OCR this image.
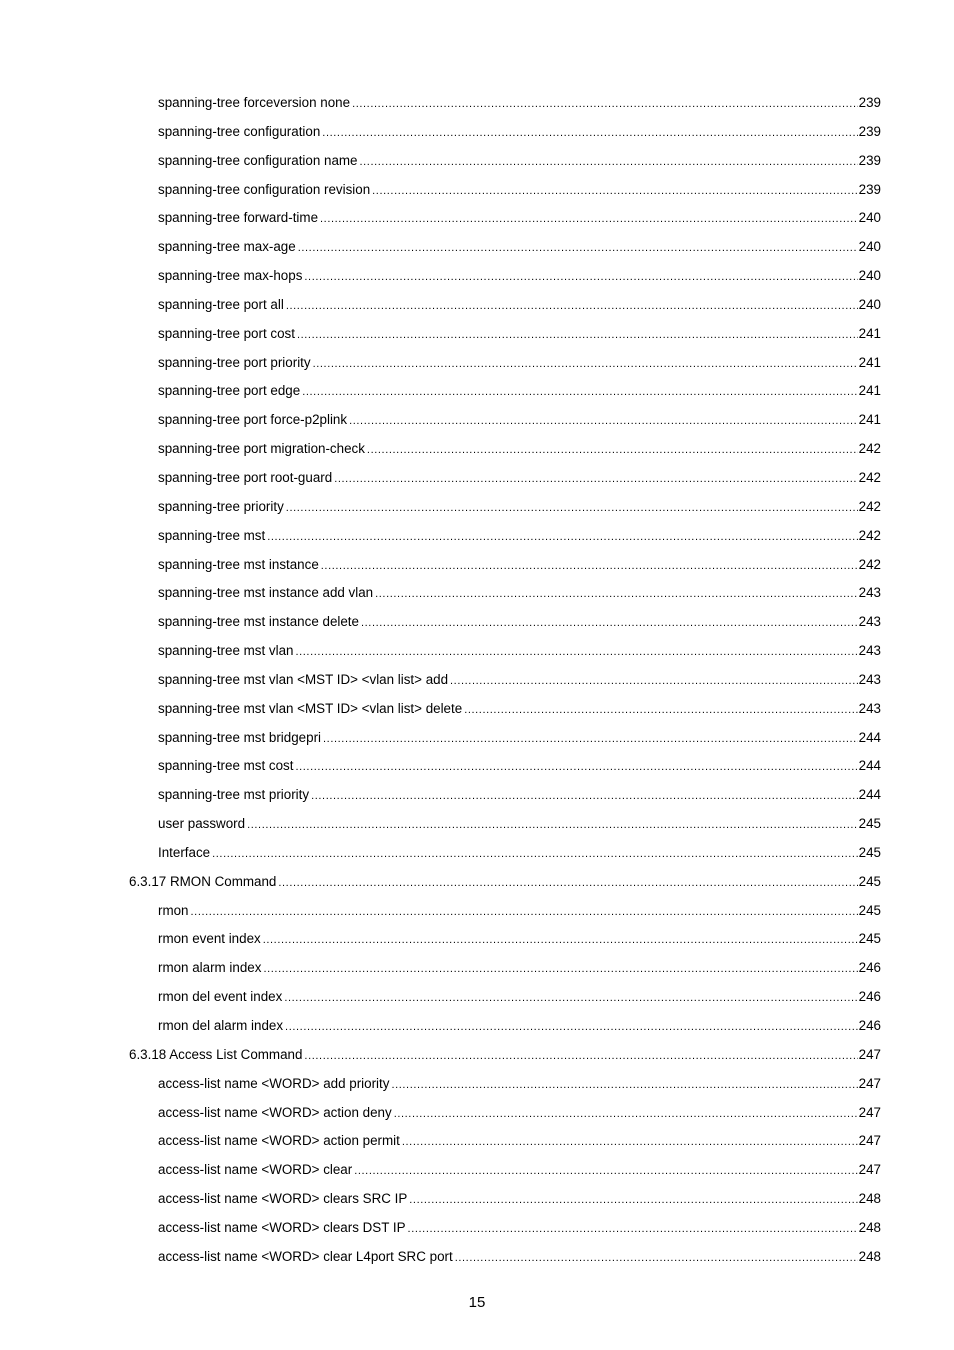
spanning-tree forceversion none .....	239
spanning-tree configuration .....	239
spanning-tree configuration name .....	239
spanning-tree configuration revision .....	239
spanning-tree forward-time .....	240
spanning-tree max-age .....	240
spanning-tree max-hops .....	240
spanning-tree port all .....	240
spanning-tree port cost .....	241
spanning-tree port priority .....	241
spanning-tree port edge .....	241
spanning-tree port force-p2plink .....	241
spanning-tree port migration-check .....	242
spanning-tree port root-guard .....	242
spanning-tree priority .....	242
spanning-tree mst .....	242
spanning-tree mst instance .....	242
spanning-tree mst instance add vlan .....	243
spanning-tree mst instance delete .....	243
spanning-tree mst vlan .....	243
spanning-tree mst vlan <MST ID> <vlan list> add .....	243
spanning-tree mst vlan <MST ID> <vlan list> delete .....	243
spanning-tree mst bridgepri .....	244
spanning-tree mst cost .....	244
spanning-tree mst priority .....	244
user password .....	245
Interface .....	245
6.3.17 RMON Command .....	245
rmon .....	245
rmon event index .....	245
rmon alarm index .....	246
rmon del event index .....	246
rmon del alarm index .....	246
6.3.18 Access List Command .....	247
access-list name <WORD> add priority .....	247
access-list name <WORD> action deny .....	247
access-list name <WORD> action permit .....	247
access-list name <WORD> clear .....	247
access-list name <WORD> clears SRC IP .....	248
access-list name <WORD> clears DST IP .....	248
access-list name <WORD> clear L4port SRC port .....	248
15
